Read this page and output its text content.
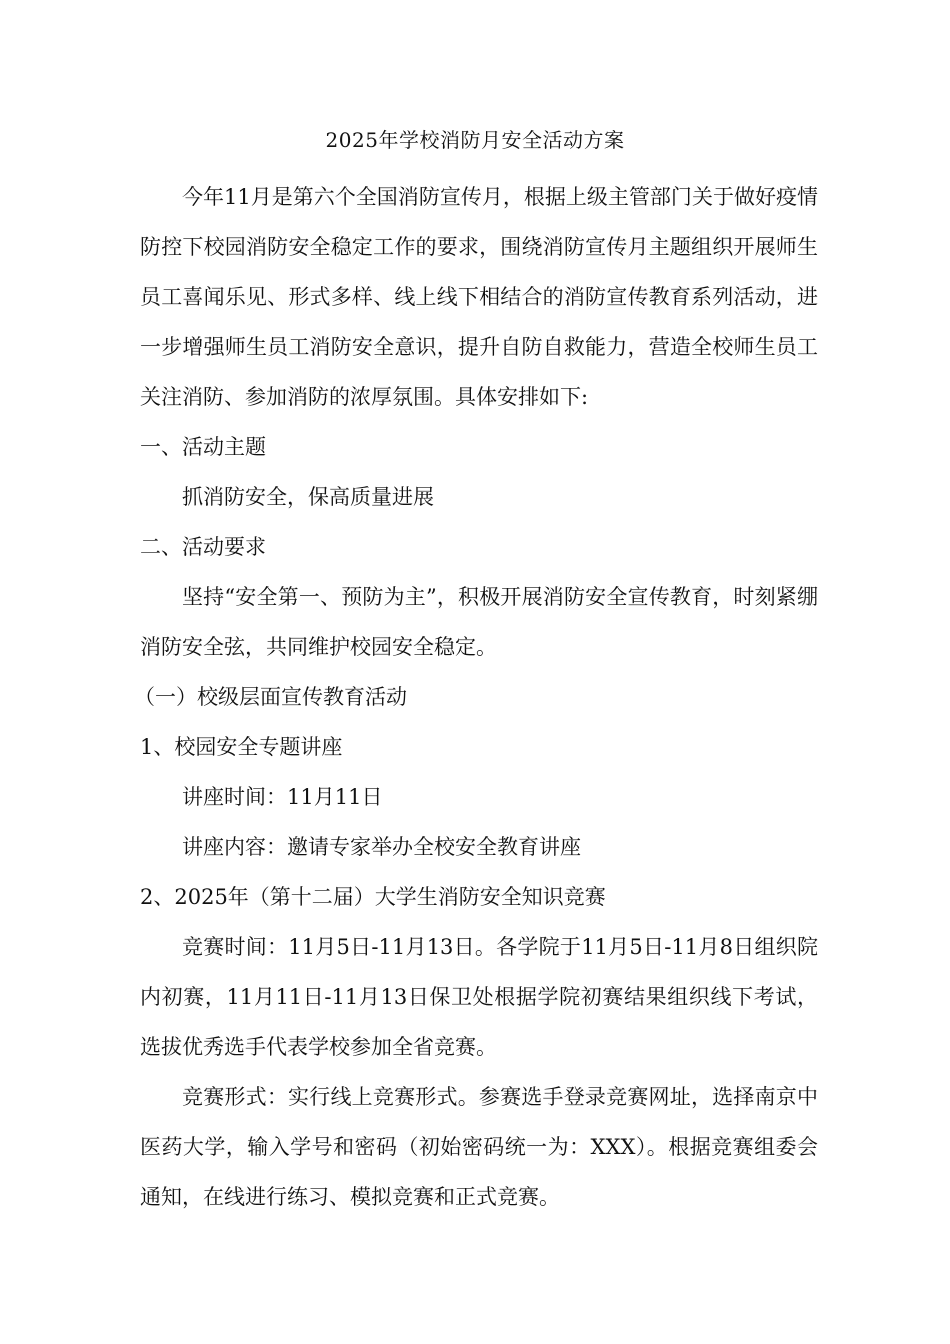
2025年学校消防月安全活动方案

今年11月是第六个全国消防宣传月，根据上级主管部门关于做好疫情防控下校园消防安全稳定工作的要求，围绕消防宣传月主题组织开展师生员工喜闻乐见、形式多样、线上线下相结合的消防宣传教育系列活动，进一步增强师生员工消防安全意识，提升自防自救能力，营造全校师生员工关注消防、参加消防的浓厚氛围。具体安排如下:

一、活动主题

抓消防安全，保高质量进展

二、活动要求

坚持“安全第一、预防为主”，积极开展消防安全宣传教育，时刻紧绷消防安全弦，共同维护校园安全稳定。

（一）校级层面宣传教育活动

1、校园安全专题讲座

讲座时间：11月11日

讲座内容：邀请专家举办全校安全教育讲座

2、2025年（第十二届）大学生消防安全知识竞赛

竞赛时间：11月5日-11月13日。各学院于11月5日-11月8日组织院内初赛，11月11日-11月13日保卫处根据学院初赛结果组织线下考试，选拔优秀选手代表学校参加全省竞赛。

竞赛形式：实行线上竞赛形式。参赛选手登录竞赛网址，选择南京中医药大学，输入学号和密码（初始密码统一为：XXX）。根据竞赛组委会通知，在线进行练习、模拟竞赛和正式竞赛。
